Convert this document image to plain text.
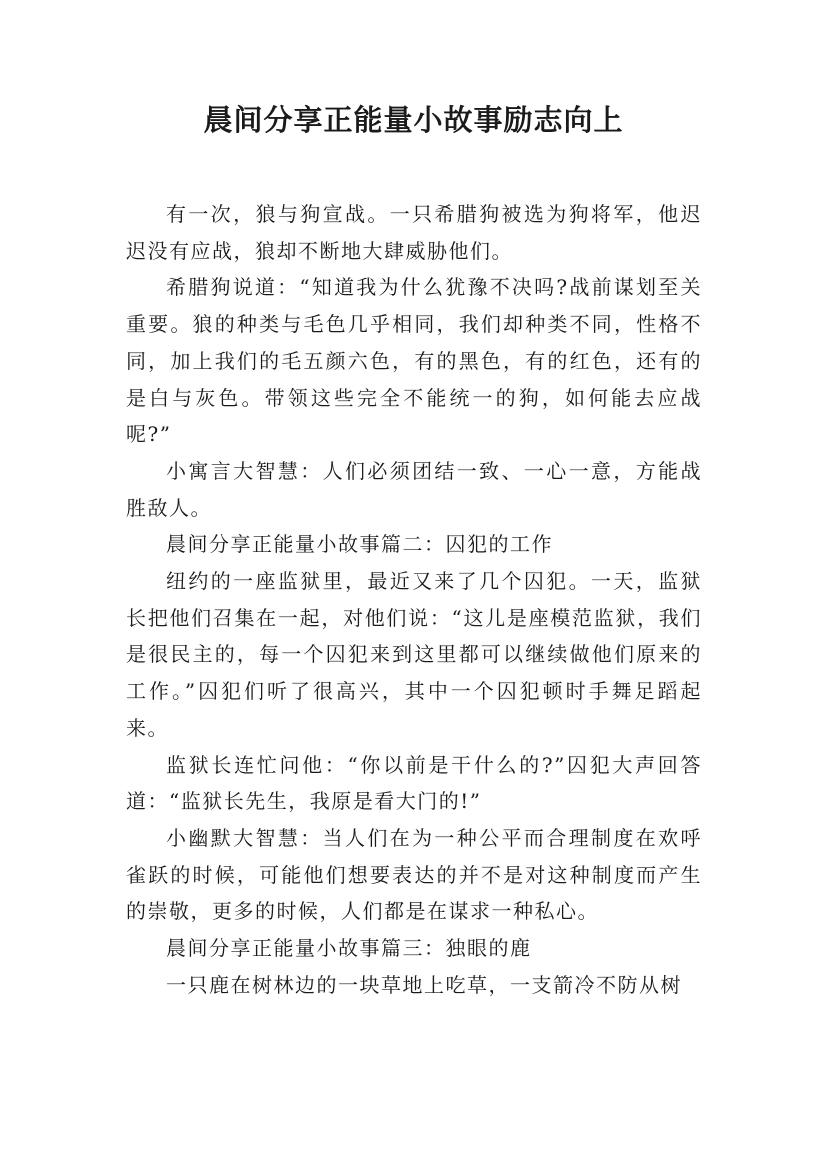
晨间分享正能量小故事励志向上

有一次，狼与狗宣战。一只希腊狗被选为狗将军，他迟迟没有应战，狼却不断地大肆威胁他们。

希腊狗说道：“知道我为什么犹豫不决吗?战前谋划至关重要。狼的种类与毛色几乎相同，我们却种类不同，性格不同，加上我们的毛五颜六色，有的黑色，有的红色，还有的是白与灰色。带领这些完全不能统一的狗，如何能去应战呢?”

小寓言大智慧：人们必须团结一致、一心一意，方能战胜敌人。

晨间分享正能量小故事篇二：囚犯的工作

纽约的一座监狱里，最近又来了几个囚犯。一天，监狱长把他们召集在一起，对他们说：“这儿是座模范监狱，我们是很民主的，每一个囚犯来到这里都可以继续做他们原来的工作。”囚犯们听了很高兴，其中一个囚犯顿时手舞足蹈起来。

监狱长连忙问他：“你以前是干什么的?”囚犯大声回答道：“监狱长先生，我原是看大门的!”

小幽默大智慧：当人们在为一种公平而合理制度在欢呼雀跃的时候，可能他们想要表达的并不是对这种制度而产生的崇敬，更多的时候，人们都是在谋求一种私心。

晨间分享正能量小故事篇三：独眼的鹿

一只鹿在树林边的一块草地上吃草，一支箭冷不防从树
